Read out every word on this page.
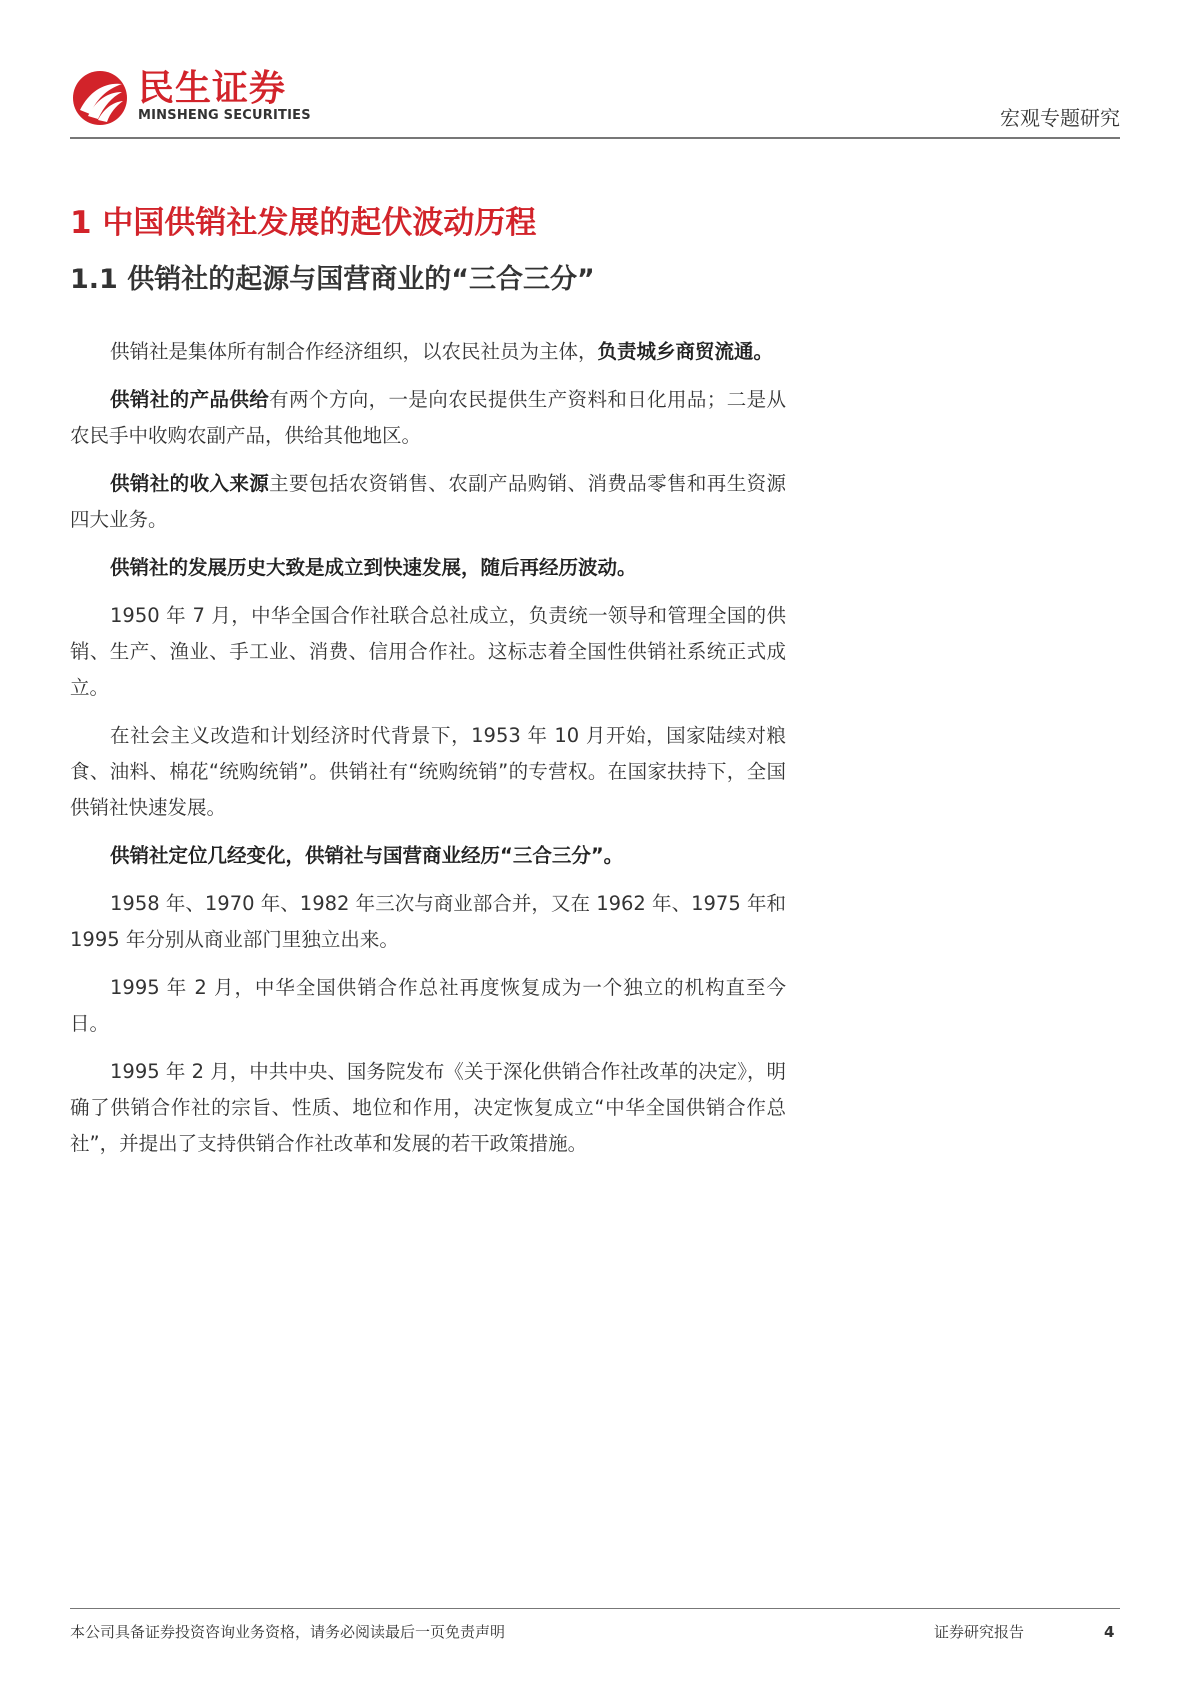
民生证券
MINSHENG SECURITIES	宏观专题研究
1 中国供销社发展的起伏波动历程
1.1 供销社的起源与国营商业的“三合三分”

供销社是集体所有制合作经济组织，以农民社员为主体，负责城乡商贸流通。

供销社的产品供给有两个方向，一是向农民提供生产资料和日化用品；二是从农民手中收购农副产品，供给其他地区。

供销社的收入来源主要包括农资销售、农副产品购销、消费品零售和再生资源四大业务。

供销社的发展历史大致是成立到快速发展，随后再经历波动。

1950 年 7 月，中华全国合作社联合总社成立，负责统一领导和管理全国的供销、生产、渔业、手工业、消费、信用合作社。这标志着全国性供销社系统正式成立。

在社会主义改造和计划经济时代背景下，1953 年 10 月开始，国家陆续对粮食、油料、棉花“统购统销”。供销社有“统购统销”的专营权。在国家扶持下，全国供销社快速发展。

供销社定位几经变化，供销社与国营商业经历“三合三分”。

1958 年、1970 年、1982 年三次与商业部合并，又在 1962 年、1975 年和 1995 年分别从商业部门里独立出来。

1995 年 2 月，中华全国供销合作总社再度恢复成为一个独立的机构直至今日。

1995 年 2 月，中共中央、国务院发布《关于深化供销合作社改革的决定》，明确了供销合作社的宗旨、性质、地位和作用，决定恢复成立“中华全国供销合作总社”，并提出了支持供销合作社改革和发展的若干政策措施。

本公司具备证券投资咨询业务资格，请务必阅读最后一页免责声明	证券研究报告	4
